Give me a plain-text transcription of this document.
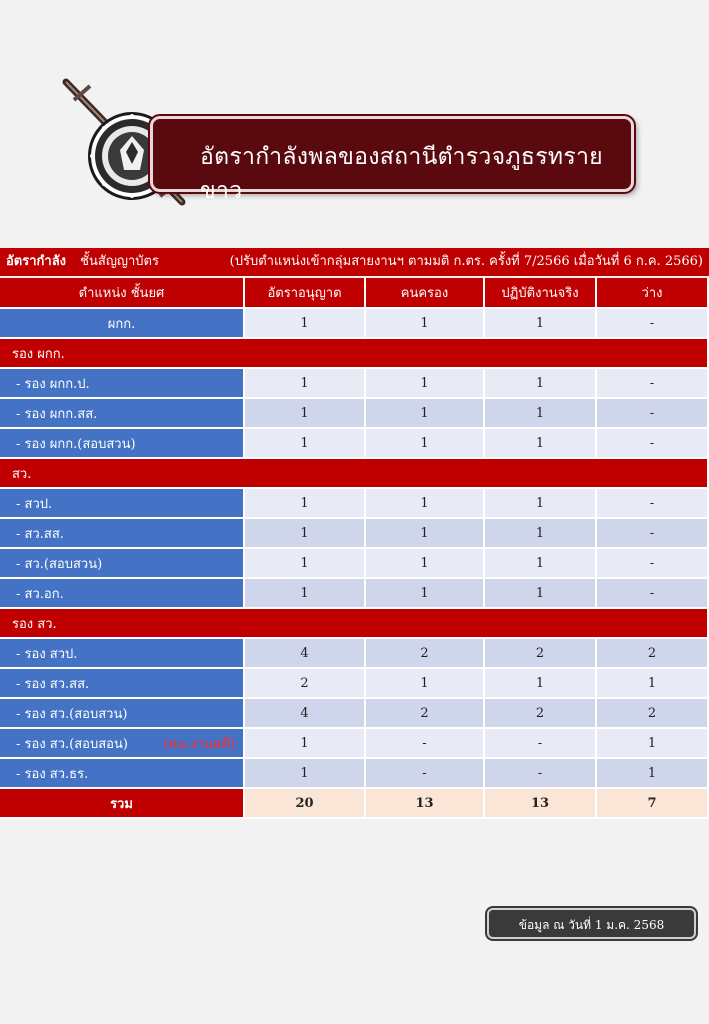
อัตรากำลังพลของสถานีตำรวจภูธรทรายขาว
อัตรากำลัง ชั้นสัญญาบัตร	(ปรับตำแหน่งเข้ากลุ่มสายงานฯ ตามมติ ก.ตร. ครั้งที่ 7/2566 เมื่อวันที่ 6 ก.ค. 2566)
ตำแหน่ง ชั้นยศ	อัตราอนุญาต	คนครอง	ปฏิบัติงานจริง	ว่าง
ผกก.	1	1	1	-
รอง ผกก.				
- รอง ผกก.ป.	1	1	1	-
- รอง ผกก.สส.	1	1	1	-
- รอง ผกก.(สอบสวน)	1	1	1	-
สว.				
- สวป.	1	1	1	-
- สว.สส.	1	1	1	-
- สว.(สอบสวน)	1	1	1	-
- สว.อก.	1	1	1	-
รอง สว.				
- รอง สวป.	4	2	2	2
- รอง สว.สส.	2	1	1	1
- รอง สว.(สอบสวน)	4	2	2	2
- รอง สว.(สอบสอน) (หน.งานคดี)	1	-	-	1
- รอง สว.ธร.	1	-	-	1
รวม	20	13	13	7
ข้อมูล ณ วันที่ 1 ม.ค. 2568
